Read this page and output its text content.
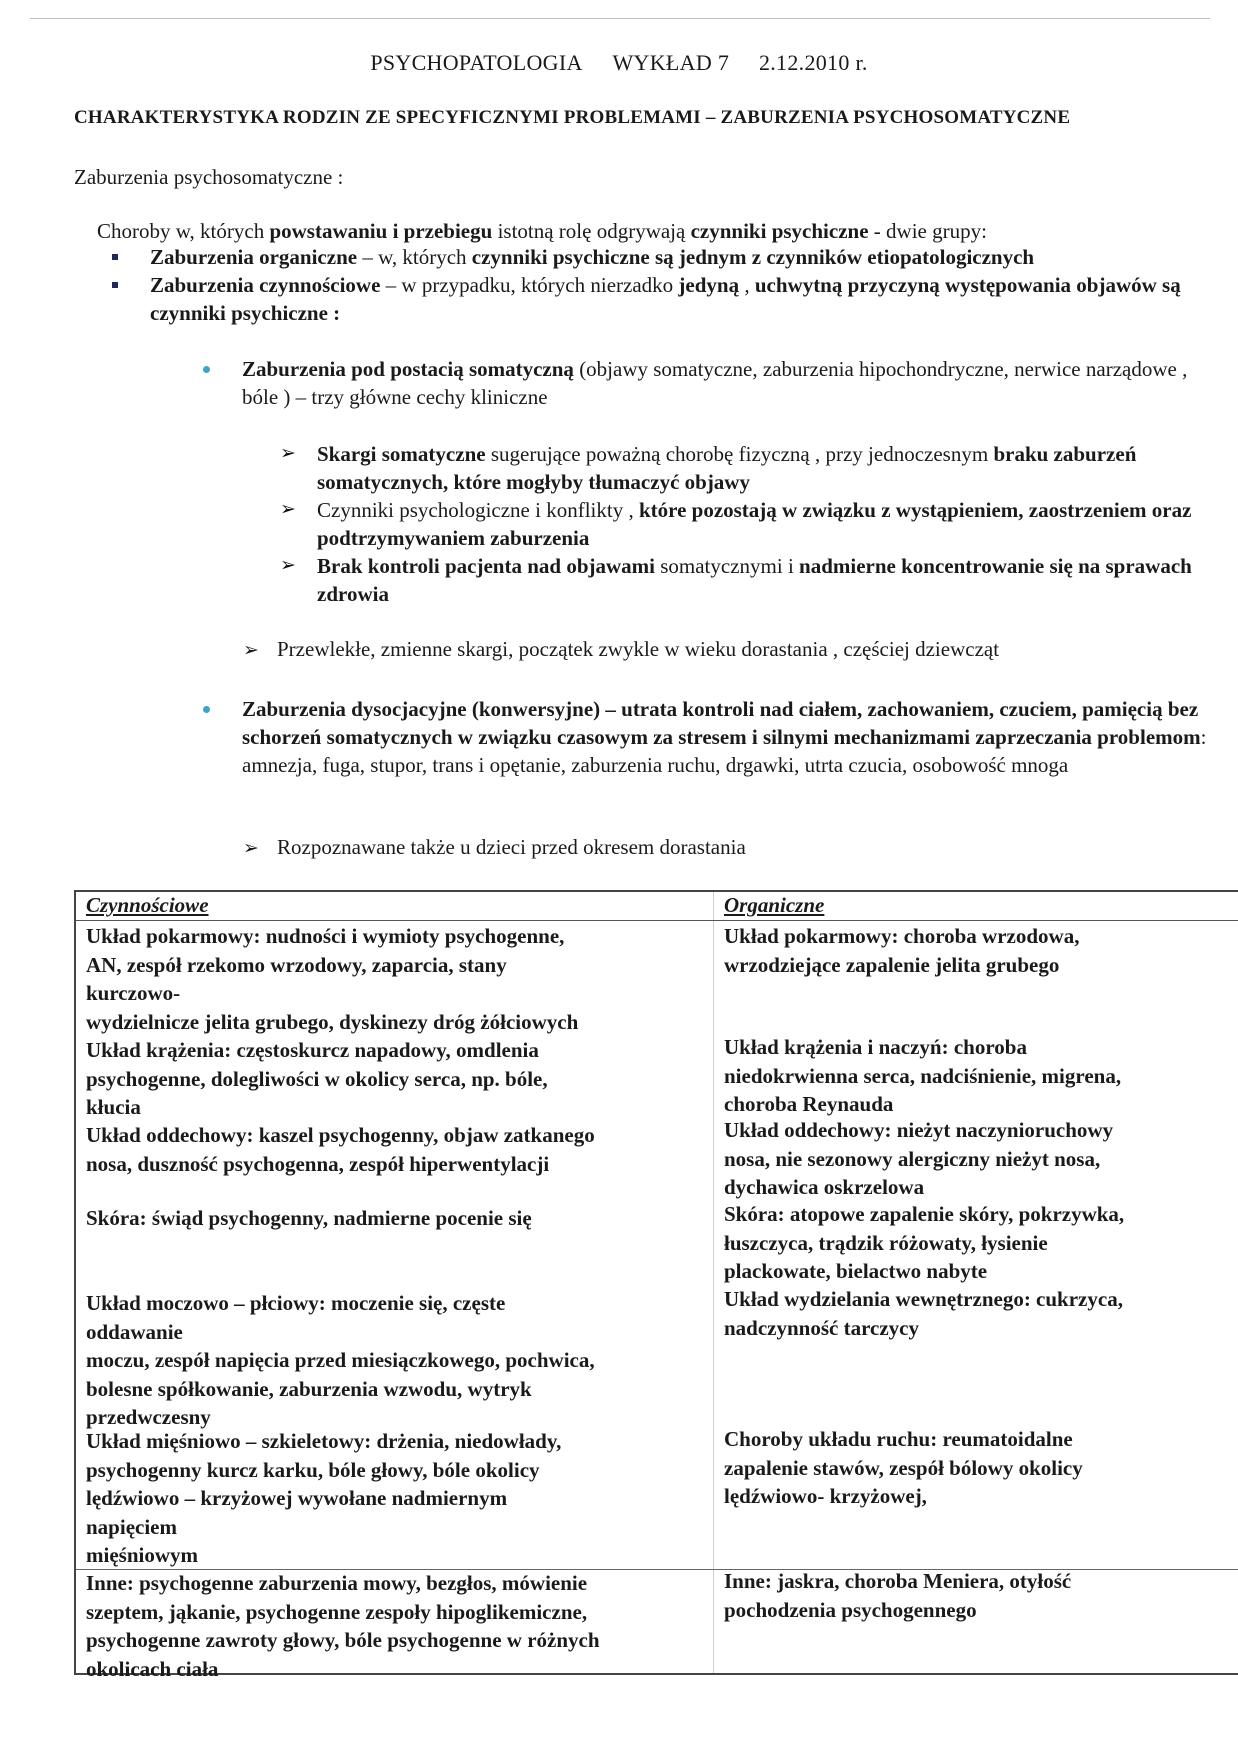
PSYCHOPATOLOGIA WYKŁAD 7 2.12.2010 r.
CHARAKTERYSTYKA RODZIN ZE SPECYFICZNYMI PROBLEMAMI – ZABURZENIA PSYCHOSOMATYCZNE
Zaburzenia psychosomatyczne :
Choroby w, których powstawaniu i przebiegu istotną rolę odgrywają czynniki psychiczne - dwie grupy:
Zaburzenia organiczne – w, których czynniki psychiczne są jednym z czynników etiopatologicznych
Zaburzenia czynnościowe – w przypadku, których nierzadko jedyną , uchwytną przyczyną występowania objawów są czynniki psychiczne :
Zaburzenia pod postacią somatyczną (objawy somatyczne, zaburzenia hipochondryczne, nerwice narządowe , bóle ) – trzy główne cechy kliniczne
➢ Skargi somatyczne sugerujące poważną chorobę fizyczną , przy jednoczesnym braku zaburzeń somatycznych, które mogłyby tłumaczyć objawy
➢ Czynniki psychologiczne i konflikty , które pozostają w związku z wystąpieniem, zaostrzeniem oraz podtrzymywaniem zaburzenia
➢ Brak kontroli pacjenta nad objawami somatycznymi i nadmierne koncentrowanie się na sprawach zdrowia
➢ Przewlekłe, zmienne skargi, początek zwykle w wieku dorastania , częściej dziewcząt
Zaburzenia dysocjacyjne (konwersyjne) – utrata kontroli nad ciałem, zachowaniem, czuciem, pamięcią bez schorzeń somatycznych w związku czasowym za stresem i silnymi mechanizmami zaprzeczania problemom: amnezja, fuga, stupor, trans i opętanie, zaburzenia ruchu, drgawki, utrta czucia, osobowość mnoga
➢ Rozpoznawane także u dzieci przed okresem dorastania
Czynnościowe	Organiczne
Układ pokarmowy: nudności i wymioty psychogenne,
AN, zespół rzekomo wrzodowy, zaparcia, stany
kurczowo-
wydzielnicze jelita grubego, dyskinezy dróg żółciowych
Układ pokarmowy: choroba wrzodowa,
wrzodziejące zapalenie jelita grubego
Układ krążenia: częstoskurcz napadowy, omdlenia
psychogenne, dolegliwości w okolicy serca, np. bóle,
kłucia
Układ krążenia i naczyń: choroba
niedokrwienna serca, nadciśnienie, migrena,
choroba Reynauda
Układ oddechowy: kaszel psychogenny, objaw zatkanego
nosa, duszność psychogenna, zespół hiperwentylacji
Układ oddechowy: nieżyt naczynioruchowy
nosa, nie sezonowy alergiczny nieżyt nosa,
dychawica oskrzelowa
Skóra: świąd psychogenny, nadmierne pocenie się	Skóra: atopowe zapalenie skóry, pokrzywka,
łuszczyca, trądzik różowaty, łysienie
plackowate, bielactwo nabyte
Układ moczowo – płciowy: moczenie się, częste
oddawanie
moczu, zespół napięcia przed miesiączkowego, pochwica,
bolesne spółkowanie, zaburzenia wzwodu, wytryk
przedwczesny
Układ wydzielania wewnętrznego: cukrzyca,
nadczynność tarczycy
Układ mięśniowo – szkieletowy: drżenia, niedowłady,
psychogenny kurcz karku, bóle głowy, bóle okolicy
lędźwiowo – krzyżowej wywołane nadmiernym
napięciem
mięśniowym
Choroby układu ruchu: reumatoidalne
zapalenie stawów, zespół bólowy okolicy
lędźwiowo- krzyżowej,
Inne: psychogenne zaburzenia mowy, bezgłos, mówienie
szeptem, jąkanie, psychogenne zespoły hipoglikemiczne,
psychogenne zawroty głowy, bóle psychogenne w różnych
okolicach ciała
Inne: jaskra, choroba Meniera, otyłość
pochodzenia psychogennego
